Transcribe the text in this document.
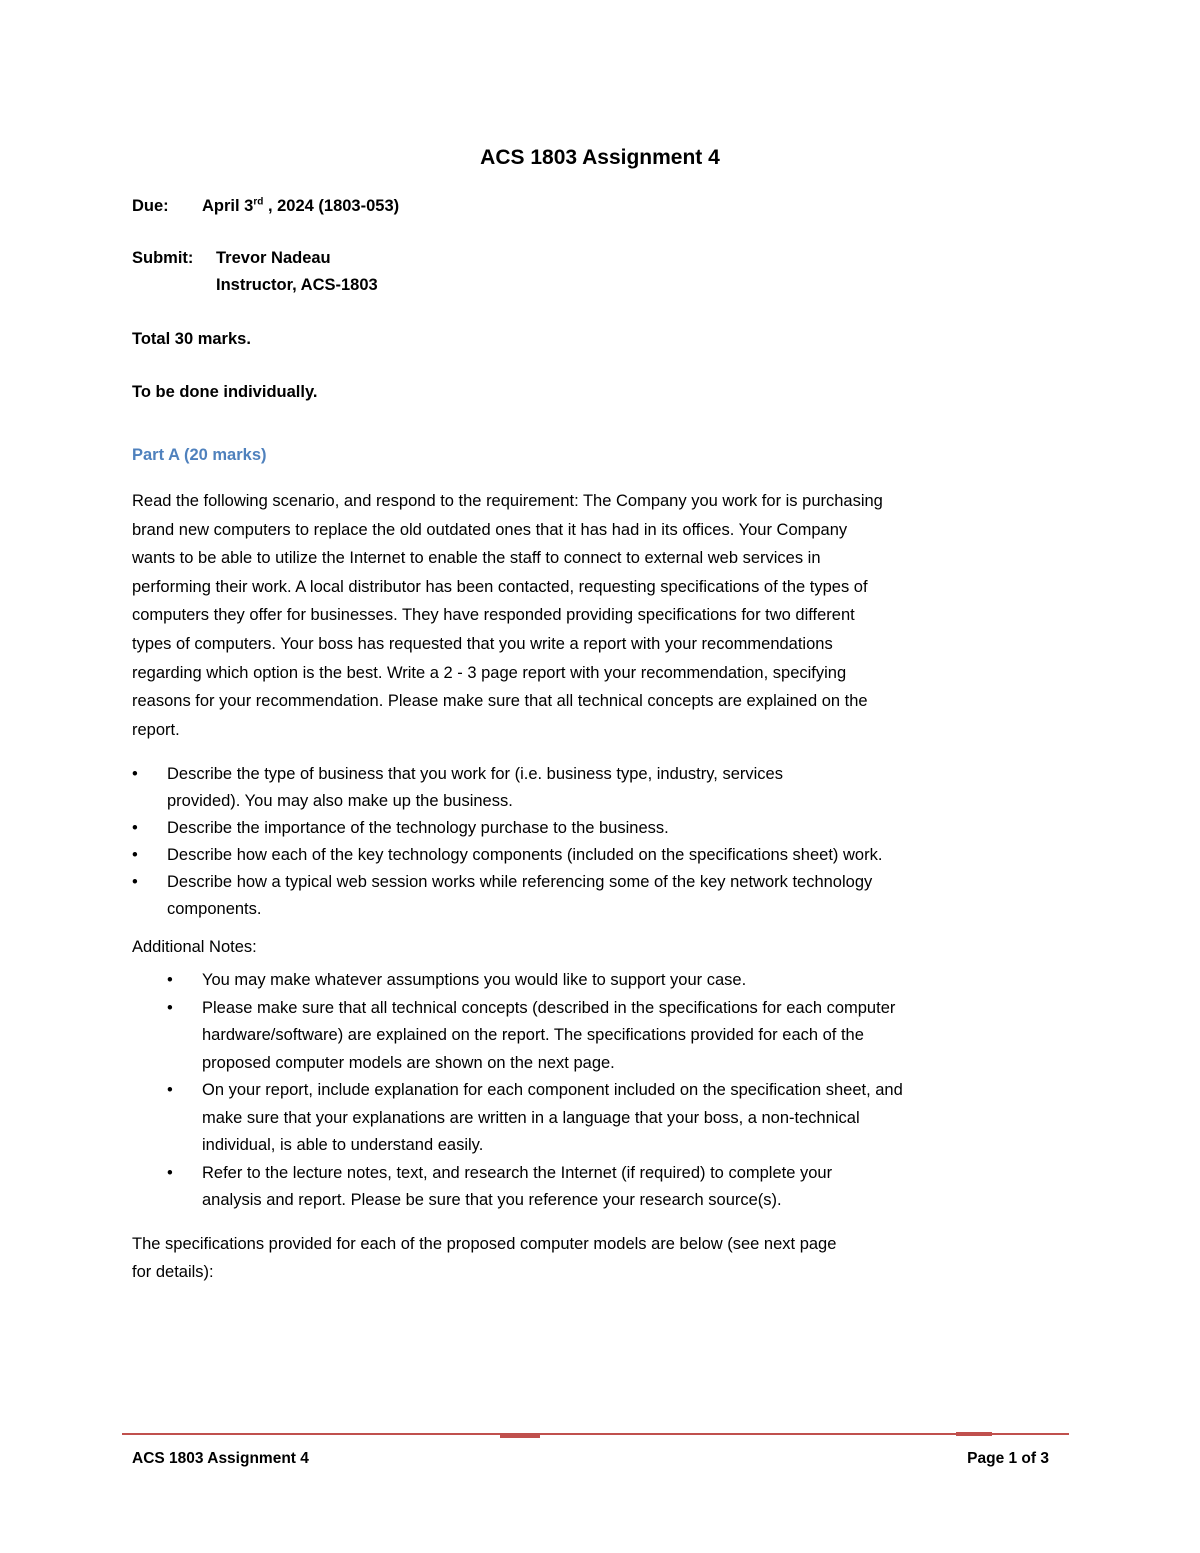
ACS 1803 Assignment 4
Due: April 3rd , 2024 (1803-053)
Submit: Trevor Nadeau
Instructor, ACS-1803
Total 30 marks.
To be done individually.
Part A (20 marks)
Read the following scenario, and respond to the requirement: The Company you work for is purchasing
brand new computers to replace the old outdated ones that it has had in its offices. Your Company
wants to be able to utilize the Internet to enable the staff to connect to external web services in
performing their work. A local distributor has been contacted, requesting specifications of the types of
computers they offer for businesses. They have responded providing specifications for two different
types of computers. Your boss has requested that you write a report with your recommendations
regarding which option is the best. Write a 2 - 3 page report with your recommendation, specifying
reasons for your recommendation. Please make sure that all technical concepts are explained on the
report.
• Describe the type of business that you work for (i.e. business type, industry, services
provided). You may also make up the business.
• Describe the importance of the technology purchase to the business.
• Describe how each of the key technology components (included on the specifications sheet) work.
• Describe how a typical web session works while referencing some of the key network technology
components.
Additional Notes:
• You may make whatever assumptions you would like to support your case.
• Please make sure that all technical concepts (described in the specifications for each computer
hardware/software) are explained on the report. The specifications provided for each of the
proposed computer models are shown on the next page.
• On your report, include explanation for each component included on the specification sheet, and
make sure that your explanations are written in a language that your boss, a non-technical
individual, is able to understand easily.
• Refer to the lecture notes, text, and research the Internet (if required) to complete your
analysis and report. Please be sure that you reference your research source(s).
The specifications provided for each of the proposed computer models are below (see next page
for details):
ACS 1803 Assignment 4	Page 1 of 3
